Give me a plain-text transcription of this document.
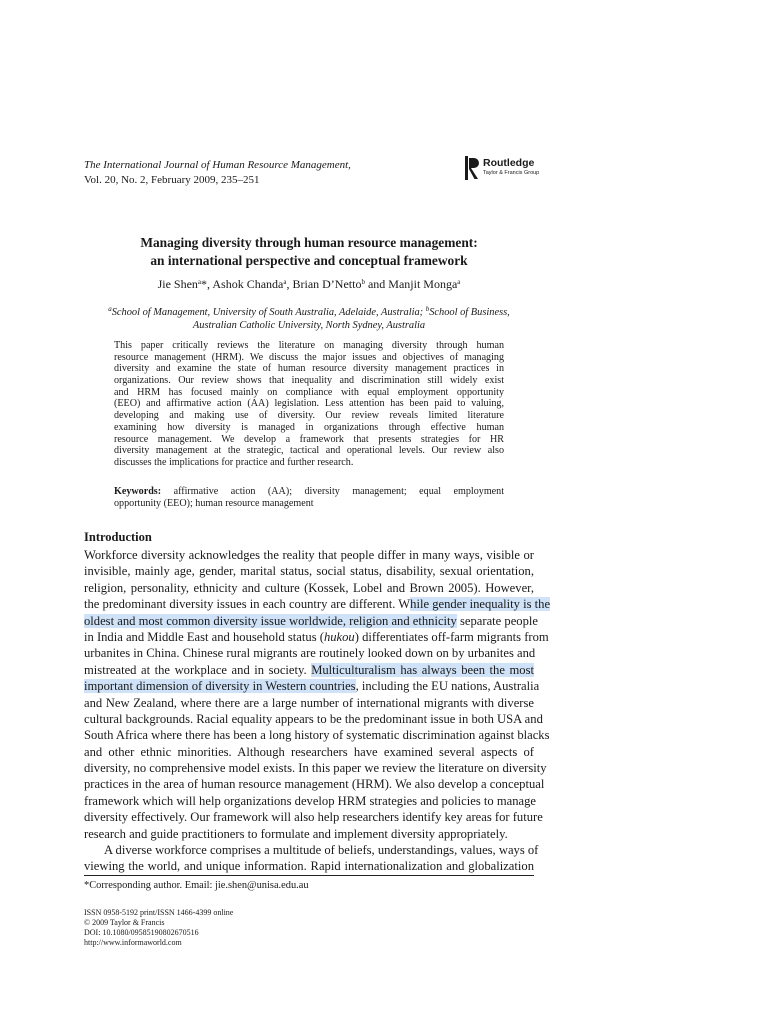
The International Journal of Human Resource Management,
Vol. 20, No. 2, February 2009, 235–251
Routledge
Taylor & Francis Group
Managing diversity through human resource management:
an international perspective and conceptual framework
Jie Shen$^a$*, Ashok Chanda$^a$, Brian D’Netto$^b$ and Manjit Monga$^a$
$^a$School of Management, University of South Australia, Adelaide, Australia; $^b$School of Business,
Australian Catholic University, North Sydney, Australia
This paper critically reviews the literature on managing diversity through human
resource management (HRM). We discuss the major issues and objectives of managing
diversity and examine the state of human resource diversity management practices in
organizations. Our review shows that inequality and discrimination still widely exist
and HRM has focused mainly on compliance with equal employment opportunity
(EEO) and affirmative action (AA) legislation. Less attention has been paid to valuing,
developing and making use of diversity. Our review reveals limited literature
examining how diversity is managed in organizations through effective human
resource management. We develop a framework that presents strategies for HR
diversity management at the strategic, tactical and operational levels. Our review also
discusses the implications for practice and further research.
Keywords: affirmative action (AA); diversity management; equal employment
opportunity (EEO); human resource management
Introduction
Workforce diversity acknowledges the reality that people differ in many ways, visible or
invisible, mainly age, gender, marital status, social status, disability, sexual orientation,
religion, personality, ethnicity and culture (Kossek, Lobel and Brown 2005). However,
the predominant diversity issues in each country are different. While gender inequality is the
oldest and most common diversity issue worldwide, religion and ethnicity separate people
in India and Middle East and household status (hukou) differentiates off-farm migrants from
urbanites in China. Chinese rural migrants are routinely looked down on by urbanites and
mistreated at the workplace and in society. Multiculturalism has always been the most
important dimension of diversity in Western countries, including the EU nations, Australia
and New Zealand, where there are a large number of international migrants with diverse
cultural backgrounds. Racial equality appears to be the predominant issue in both USA and
South Africa where there has been a long history of systematic discrimination against blacks
and other ethnic minorities. Although researchers have examined several aspects of
diversity, no comprehensive model exists. In this paper we review the literature on diversity
practices in the area of human resource management (HRM). We also develop a conceptual
framework which will help organizations develop HRM strategies and policies to manage
diversity effectively. Our framework will also help researchers identify key areas for future
research and guide practitioners to formulate and implement diversity appropriately.
A diverse workforce comprises a multitude of beliefs, understandings, values, ways of
viewing the world, and unique information. Rapid internationalization and globalization
*Corresponding author. Email: jie.shen@unisa.edu.au
ISSN 0958-5192 print/ISSN 1466-4399 online
© 2009 Taylor & Francis
DOI: 10.1080/09585190802670516
http://www.informaworld.com
